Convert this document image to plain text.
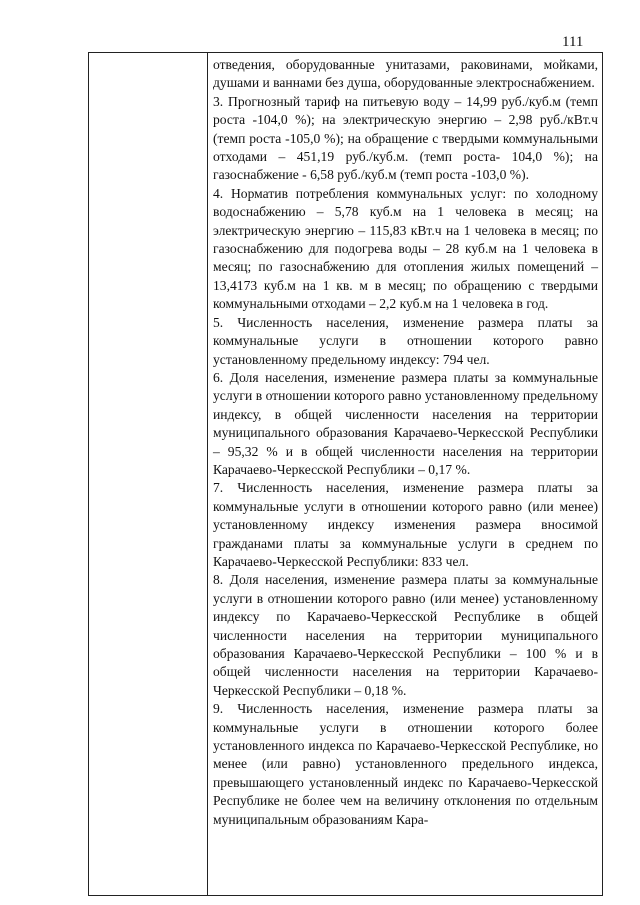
111

отведения, оборудованные унитазами, раковинами, мойками, душами и ваннами без душа, оборудованные электроснабжением.

3. Прогнозный тариф на питьевую воду – 14,99 руб./куб.м (темп роста -104,0 %); на электрическую энергию – 2,98 руб./кВт.ч (темп роста -105,0 %); на обращение с твердыми коммунальными отходами – 451,19 руб./куб.м. (темп роста- 104,0 %); на газоснабжение - 6,58 руб./куб.м (темп роста -103,0 %).

4. Норматив потребления коммунальных услуг: по холодному водоснабжению – 5,78 куб.м на 1 человека в месяц; на электрическую энергию – 115,83 кВт.ч на 1 человека в месяц; по газоснабжению для подогрева воды – 28 куб.м на 1 человека в месяц; по газоснабжению для отопления жилых помещений – 13,4173 куб.м на 1 кв. м в месяц; по обращению с твердыми коммунальными отходами – 2,2 куб.м на 1 человека в год.

5. Численность населения, изменение размера платы за коммунальные услуги в отношении которого равно установленному предельному индексу: 794 чел.

6. Доля населения, изменение размера платы за коммунальные услуги в отношении которого равно установленному предельному индексу, в общей численности населения на территории муниципального образования Карачаево-Черкесской Республики – 95,32 % и в общей численности населения на территории Карачаево-Черкесской Республики – 0,17 %.

7. Численность населения, изменение размера платы за коммунальные услуги в отношении которого равно (или менее) установленному индексу изменения размера вносимой гражданами платы за коммунальные услуги в среднем по Карачаево-Черкесской Республики: 833 чел.

8. Доля населения, изменение размера платы за коммунальные услуги в отношении которого равно (или менее) установленному индексу по Карачаево-Черкесской Республике в общей численности населения на территории муниципального образования Карачаево-Черкесской Республики – 100 % и в общей численности населения на территории Карачаево-Черкесской Республики – 0,18 %.

9. Численность населения, изменение размера платы за коммунальные услуги в отношении которого более установленного индекса по Карачаево-Черкесской Республике, но менее (или равно) установленного предельного индекса, превышающего установленный индекс по Карачаево-Черкесской Республике не более чем на величину отклонения по отдельным муниципальным образованиям Кара-
